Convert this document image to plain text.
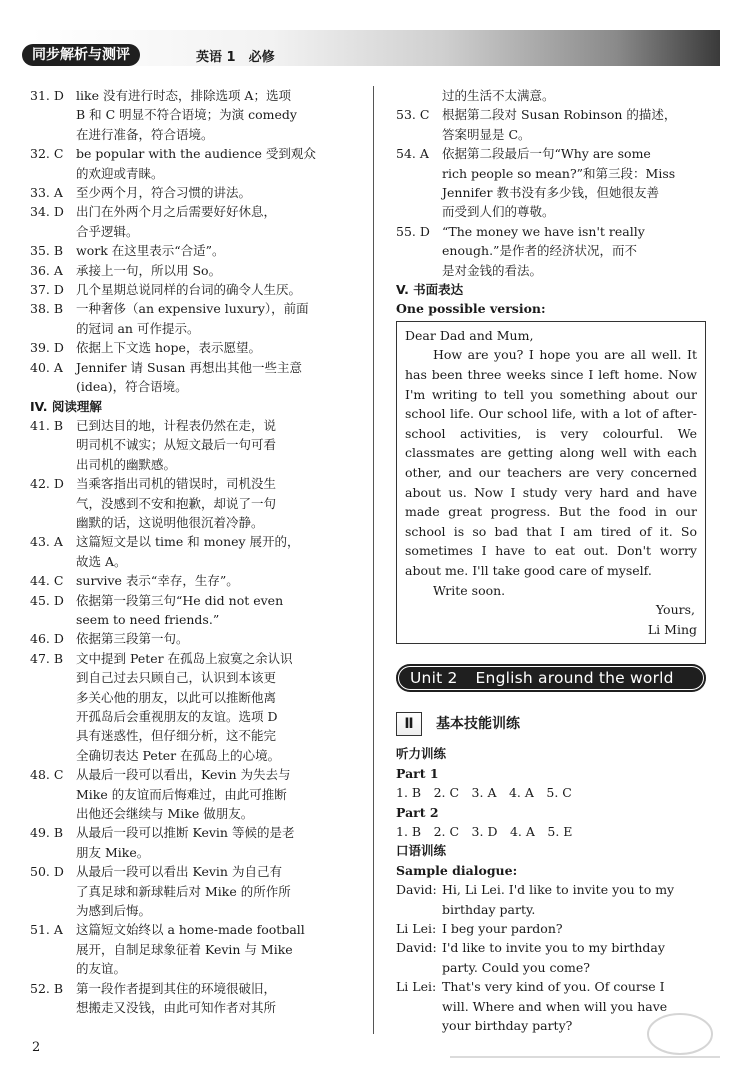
同步解析与测评	英语 1　必修
31. D like 没有进行时态，排除选项 A；选项
B 和 C 明显不符合语境；为演 comedy
在进行准备，符合语境。
32. C	be popular with the audience 受到观众
的欢迎或青睐。
33. A	至少两个月，符合习惯的讲法。
34. D 出门在外两个月之后需要好好休息，
合乎逻辑。
35. B	work 在这里表示“合适”。
36. A	承接上一句，所以用 So。
37. D 几个星期总说同样的台词的确令人生厌。
38. B	一种奢侈（an expensive luxury），前面
的冠词 an 可作提示。
39. D 依据上下文选 hope，表示愿望。
40. A	Jennifer 请 Susan 再想出其他一些主意
(idea)，符合语境。
IV. 阅读理解
41. B	已到达目的地，计程表仍然在走，说
明司机不诚实；从短文最后一句可看
出司机的幽默感。
42. D 当乘客指出司机的错误时，司机没生
气，没感到不安和抱歉，却说了一句
幽默的话，这说明他很沉着冷静。
43. A	这篇短文是以 time 和 money 展开的，
故选 A。
44. C	survive 表示“幸存，生存”。
45. D 依据第一段第三句“He did not even
seem to need friends.”
46. D 依据第三段第一句。
47. B	文中提到 Peter 在孤岛上寂寞之余认识
到自己过去只顾自己，认识到本该更
多关心他的朋友，以此可以推断他离
开孤岛后会重视朋友的友谊。选项 D
具有迷惑性，但仔细分析，这不能完
全确切表达 Peter 在孤岛上的心境。
48. C	从最后一段可以看出，Kevin 为失去与
Mike 的友谊而后悔难过，由此可推断
出他还会继续与 Mike 做朋友。
49. B	从最后一段可以推断 Kevin 等候的是老
朋友 Mike。
50. D 从最后一段可以看出 Kevin 为自己有
了真足球和新球鞋后对 Mike 的所作所
为感到后悔。
51. A	这篇短文始终以 a home-made football
展开，自制足球象征着 Kevin 与 Mike
的友谊。
52. B	第一段作者提到其住的环境很破旧，
想搬走又没钱，由此可知作者对其所
过的生活不太满意。
53. C	根据第二段对 Susan Robinson 的描述，
答案明显是 C。
54. A	依据第二段最后一句“Why are some
rich people so mean?”和第三段：Miss
Jennifer 教书没有多少钱，但她很友善
而受到人们的尊敬。
55. D “The money we have isn't really
enough.”是作者的经济状况，而不
是对金钱的看法。
V. 书面表达
One possible version:
Dear Dad and Mum,
How are you? I hope you are all well. It has been three weeks since I left home. Now I'm writing to tell you something about our school life. Our school life, with a lot of after-school activities, is very colourful. We classmates are getting along well with each other, and our teachers are very concerned about us. Now I study very hard and have made great progress. But the food in our school is so bad that I am tired of it. So sometimes I have to eat out. Don't worry about me. I'll take good care of myself.
Write soon.
Yours,
Li Ming
Unit 2 English around the world
Ⅱ	基本技能训练
听力训练
Part 1
1. B　2. C　3. A　4. A　5. C
Part 2
1. B　2. C　3. D　4. A　5. E
口语训练
Sample dialogue:
David: Hi, Li Lei. I'd like to invite you to my
birthday party.
Li Lei: I beg your pardon?
David: I'd like to invite you to my birthday
party. Could you come?
Li Lei: That's very kind of you. Of course I
will. Where and when will you have
your birthday party?
2
